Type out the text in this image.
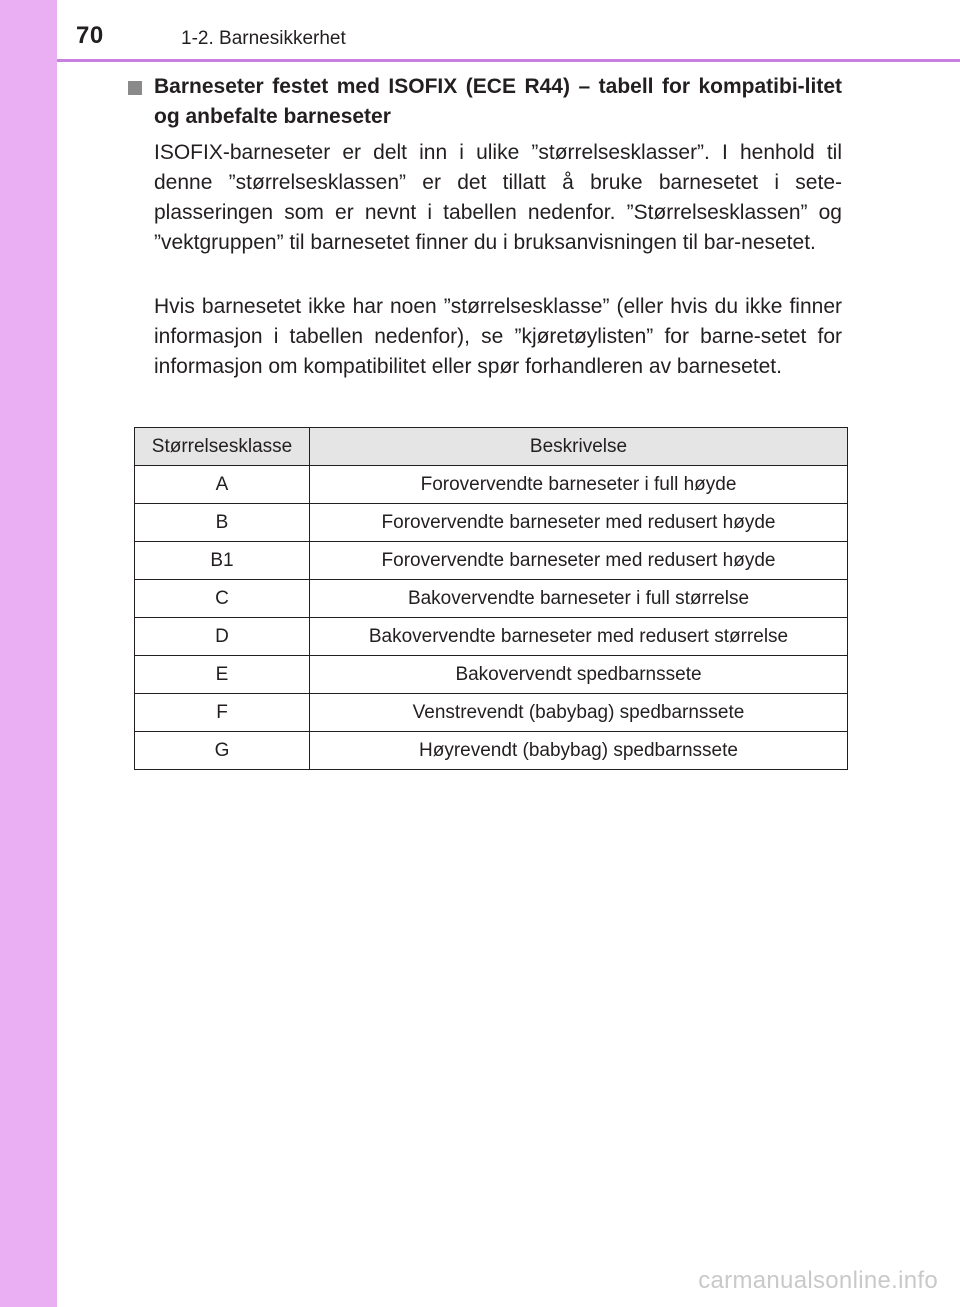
70	1-2. Barnesikkerhet
Barneseter festet med ISOFIX (ECE R44) – tabell for kompatibi-litet og anbefalte barneseter

ISOFIX-barneseter er delt inn i ulike ”størrelsesklasser”. I henhold til denne ”størrelsesklassen” er det tillatt å bruke barnesetet i sete-plasseringen som er nevnt i tabellen nedenfor. ”Størrelsesklassen” og ”vektgruppen” til barnesetet finner du i bruksanvisningen til bar-nesetet.

Hvis barnesetet ikke har noen ”størrelsesklasse” (eller hvis du ikke finner informasjon i tabellen nedenfor), se ”kjøretøylisten” for barne-setet for informasjon om kompatibilitet eller spør forhandleren av barnesetet.

Størrelsesklasse	Beskrivelse
A	Forovervendte barneseter i full høyde
B	Forovervendte barneseter med redusert høyde
B1	Forovervendte barneseter med redusert høyde
C	Bakovervendte barneseter i full størrelse
D	Bakovervendte barneseter med redusert størrelse
E	Bakovervendt spedbarnssete
F	Venstrevendt (babybag) spedbarnssete
G	Høyrevendt (babybag) spedbarnssete
carmanualsonline.info
